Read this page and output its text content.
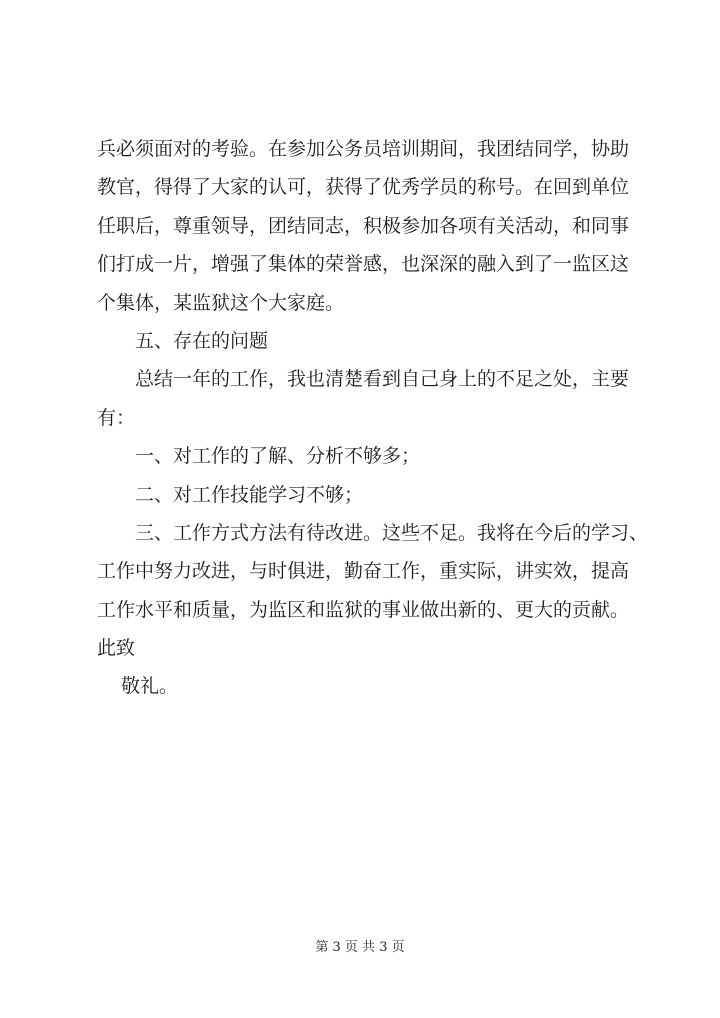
兵必须面对的考验。在参加公务员培训期间，我团结同学，协助
教官，得得了大家的认可，获得了优秀学员的称号。在回到单位
任职后，尊重领导，团结同志，积极参加各项有关活动，和同事
们打成一片，增强了集体的荣誉感，也深深的融入到了一监区这
个集体，某监狱这个大家庭。
五、存在的问题
总结一年的工作，我也清楚看到自己身上的不足之处，主要
有：
一、对工作的了解、分析不够多；
二、对工作技能学习不够；
三、工作方式方法有待改进。这些不足。我将在今后的学习、
工作中努力改进，与时俱进，勤奋工作，重实际，讲实效，提高
工作水平和质量，为监区和监狱的事业做出新的、更大的贡献。
此致
敬礼。
第 3 页 共 3 页
